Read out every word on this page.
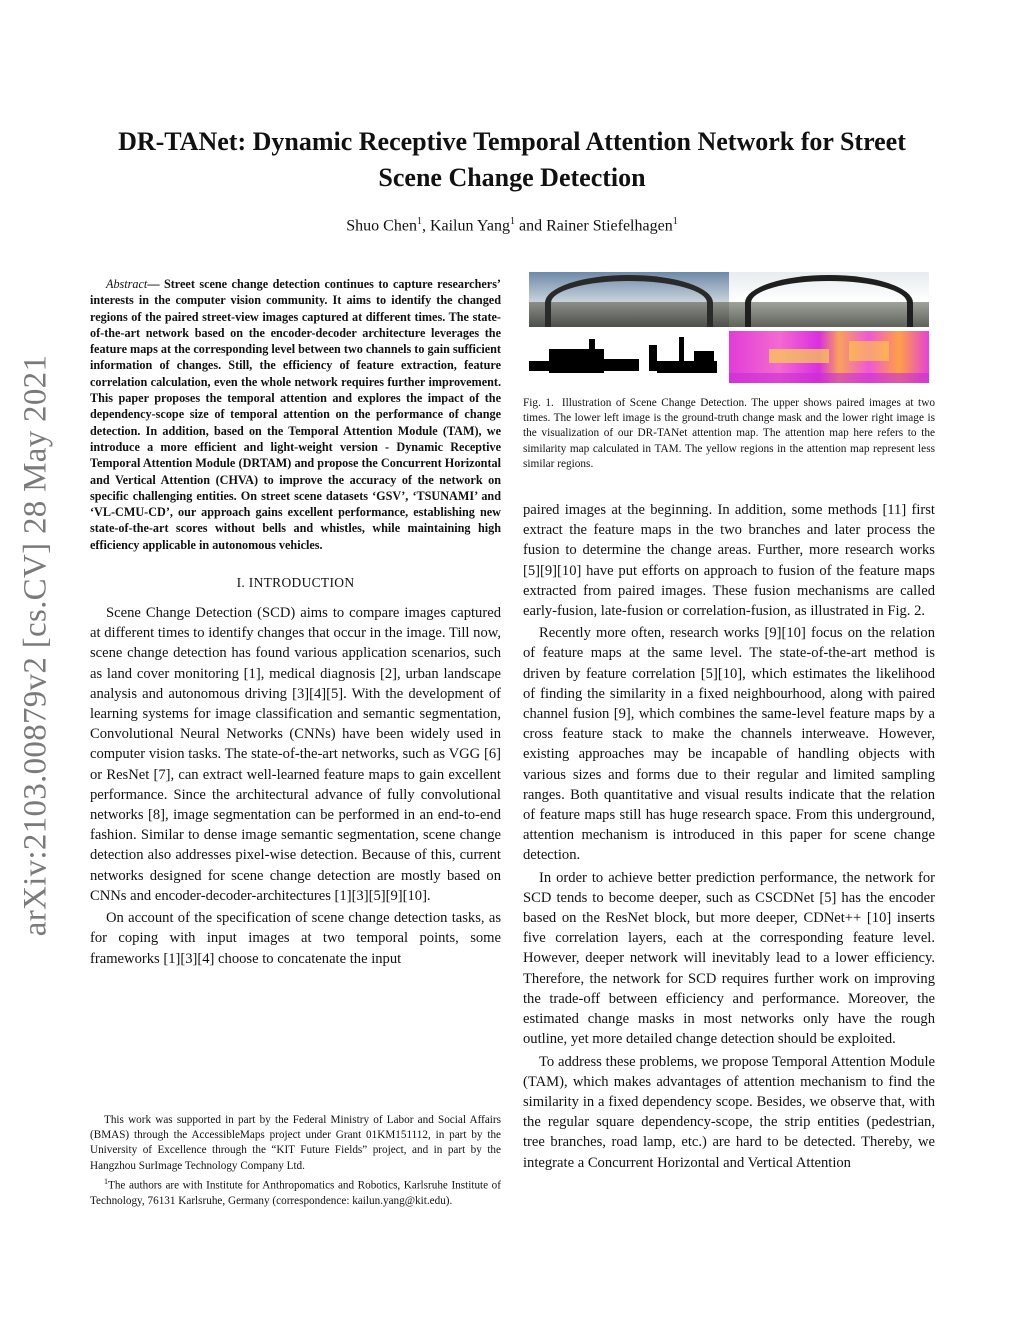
arXiv:2103.00879v2 [cs.CV] 28 May 2021
DR-TANet: Dynamic Receptive Temporal Attention Network for Street
Scene Change Detection
Shuo Chen$^1$, Kailun Yang$^1$ and Rainer Stiefelhagen$^1$

Abstract— Street scene change detection continues to capture researchers’ interests in the computer vision community. It aims to identify the changed regions of the paired street-view images captured at different times. The state-of-the-art network based on the encoder-decoder architecture leverages the feature maps at the corresponding level between two channels to gain sufficient information of changes. Still, the efficiency of feature extraction, feature correlation calculation, even the whole network requires further improvement. This paper proposes the temporal attention and explores the impact of the dependency-scope size of temporal attention on the performance of change detection. In addition, based on the Temporal Attention Module (TAM), we introduce a more efficient and light-weight version - Dynamic Receptive Temporal Attention Module (DRTAM) and propose the Concurrent Horizontal and Vertical Attention (CHVA) to improve the accuracy of the network on specific challenging entities. On street scene datasets ‘GSV’, ‘TSUNAMI’ and ‘VL-CMU-CD’, our approach gains excellent performance, establishing new state-of-the-art scores without bells and whistles, while maintaining high efficiency applicable in autonomous vehicles.

I. INTRODUCTION

Scene Change Detection (SCD) aims to compare images captured at different times to identify changes that occur in the image. Till now, scene change detection has found various application scenarios, such as land cover monitoring [1], medical diagnosis [2], urban landscape analysis and autonomous driving [3][4][5]. With the development of learning systems for image classification and semantic segmentation, Convolutional Neural Networks (CNNs) have been widely used in computer vision tasks. The state-of-the-art networks, such as VGG [6] or ResNet [7], can extract well-learned feature maps to gain excellent performance. Since the architectural advance of fully convolutional networks [8], image segmentation can be performed in an end-to-end fashion. Similar to dense image semantic segmentation, scene change detection also addresses pixel-wise detection. Because of this, current networks designed for scene change detection are mostly based on CNNs and encoder-decoder-architectures [1][3][5][9][10].

On account of the specification of scene change detection tasks, as for coping with input images at two temporal points, some frameworks [1][3][4] choose to concatenate the input

This work was supported in part by the Federal Ministry of Labor and Social Affairs (BMAS) through the AccessibleMaps project under Grant 01KM151112, in part by the University of Excellence through the “KIT Future Fields” project, and in part by the Hangzhou SurImage Technology Company Ltd.

$^1$The authors are with Institute for Anthropomatics and Robotics, Karlsruhe Institute of Technology, 76131 Karlsruhe, Germany (correspondence: kailun.yang@kit.edu).

Fig. 1. Illustration of Scene Change Detection. The upper shows paired images at two times. The lower left image is the ground-truth change mask and the lower right image is the visualization of our DR-TANet attention map. The attention map here refers to the similarity map calculated in TAM. The yellow regions in the attention map represent less similar regions.

paired images at the beginning. In addition, some methods [11] first extract the feature maps in the two branches and later process the fusion to determine the change areas. Further, more research works [5][9][10] have put efforts on approach to fusion of the feature maps extracted from paired images. These fusion mechanisms are called early-fusion, late-fusion or correlation-fusion, as illustrated in Fig. 2.

Recently more often, research works [9][10] focus on the relation of feature maps at the same level. The state-of-the-art method is driven by feature correlation [5][10], which estimates the likelihood of finding the similarity in a fixed neighbourhood, along with paired channel fusion [9], which combines the same-level feature maps by a cross feature stack to make the channels interweave. However, existing approaches may be incapable of handling objects with various sizes and forms due to their regular and limited sampling ranges. Both quantitative and visual results indicate that the relation of feature maps still has huge research space. From this underground, attention mechanism is introduced in this paper for scene change detection.

In order to achieve better prediction performance, the network for SCD tends to become deeper, such as CSCDNet [5] has the encoder based on the ResNet block, but more deeper, CDNet++ [10] inserts five correlation layers, each at the corresponding feature level. However, deeper network will inevitably lead to a lower efficiency. Therefore, the network for SCD requires further work on improving the trade-off between efficiency and performance. Moreover, the estimated change masks in most networks only have the rough outline, yet more detailed change detection should be exploited.

To address these problems, we propose Temporal Attention Module (TAM), which makes advantages of attention mechanism to find the similarity in a fixed dependency scope. Besides, we observe that, with the regular square dependency-scope, the strip entities (pedestrian, tree branches, road lamp, etc.) are hard to be detected. Thereby, we integrate a Concurrent Horizontal and Vertical Attention
